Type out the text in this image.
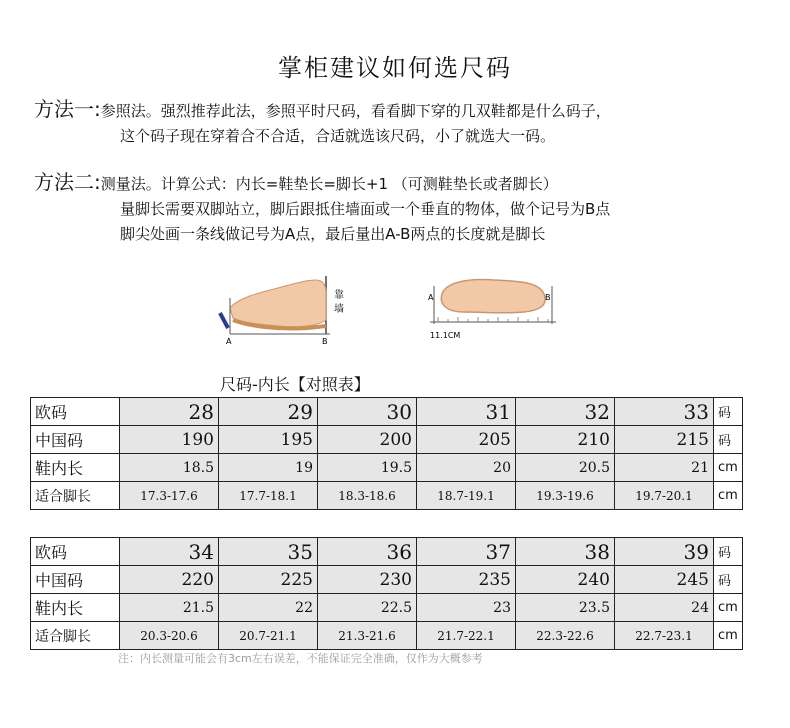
掌柜建议如何选尺码
方法一:参照法。强烈推荐此法，参照平时尺码，看看脚下穿的几双鞋都是什么码子，
这个码子现在穿着合不合适，合适就选该尺码，小了就选大一码。
方法二:测量法。计算公式：内长=鞋垫长=脚长+1 （可测鞋垫长或者脚长）
量脚长需要双脚站立，脚后跟抵住墙面或一个垂直的物体，做个记号为B点
脚尖处画一条线做记号为A点，最后量出A-B两点的长度就是脚长
靠
墙
A	B
A	B
11.1CM
尺码-内长【对照表】
欧码	28	29	30	31	32	33	码
中国码	190	195	200	205	210	215	码
鞋内长	18.5	19	19.5	20	20.5	21	cm
适合脚长	17.3-17.6	17.7-18.1	18.3-18.6	18.7-19.1	19.3-19.6	19.7-20.1	cm
欧码	34	35	36	37	38	39	码
中国码	220	225	230	235	240	245	码
鞋内长	21.5	22	22.5	23	23.5	24	cm
适合脚长	20.3-20.6	20.7-21.1	21.3-21.6	21.7-22.1	22.3-22.6	22.7-23.1	cm
注：内长测量可能会有3cm左右误差，不能保证完全准确，仅作为大概参考
